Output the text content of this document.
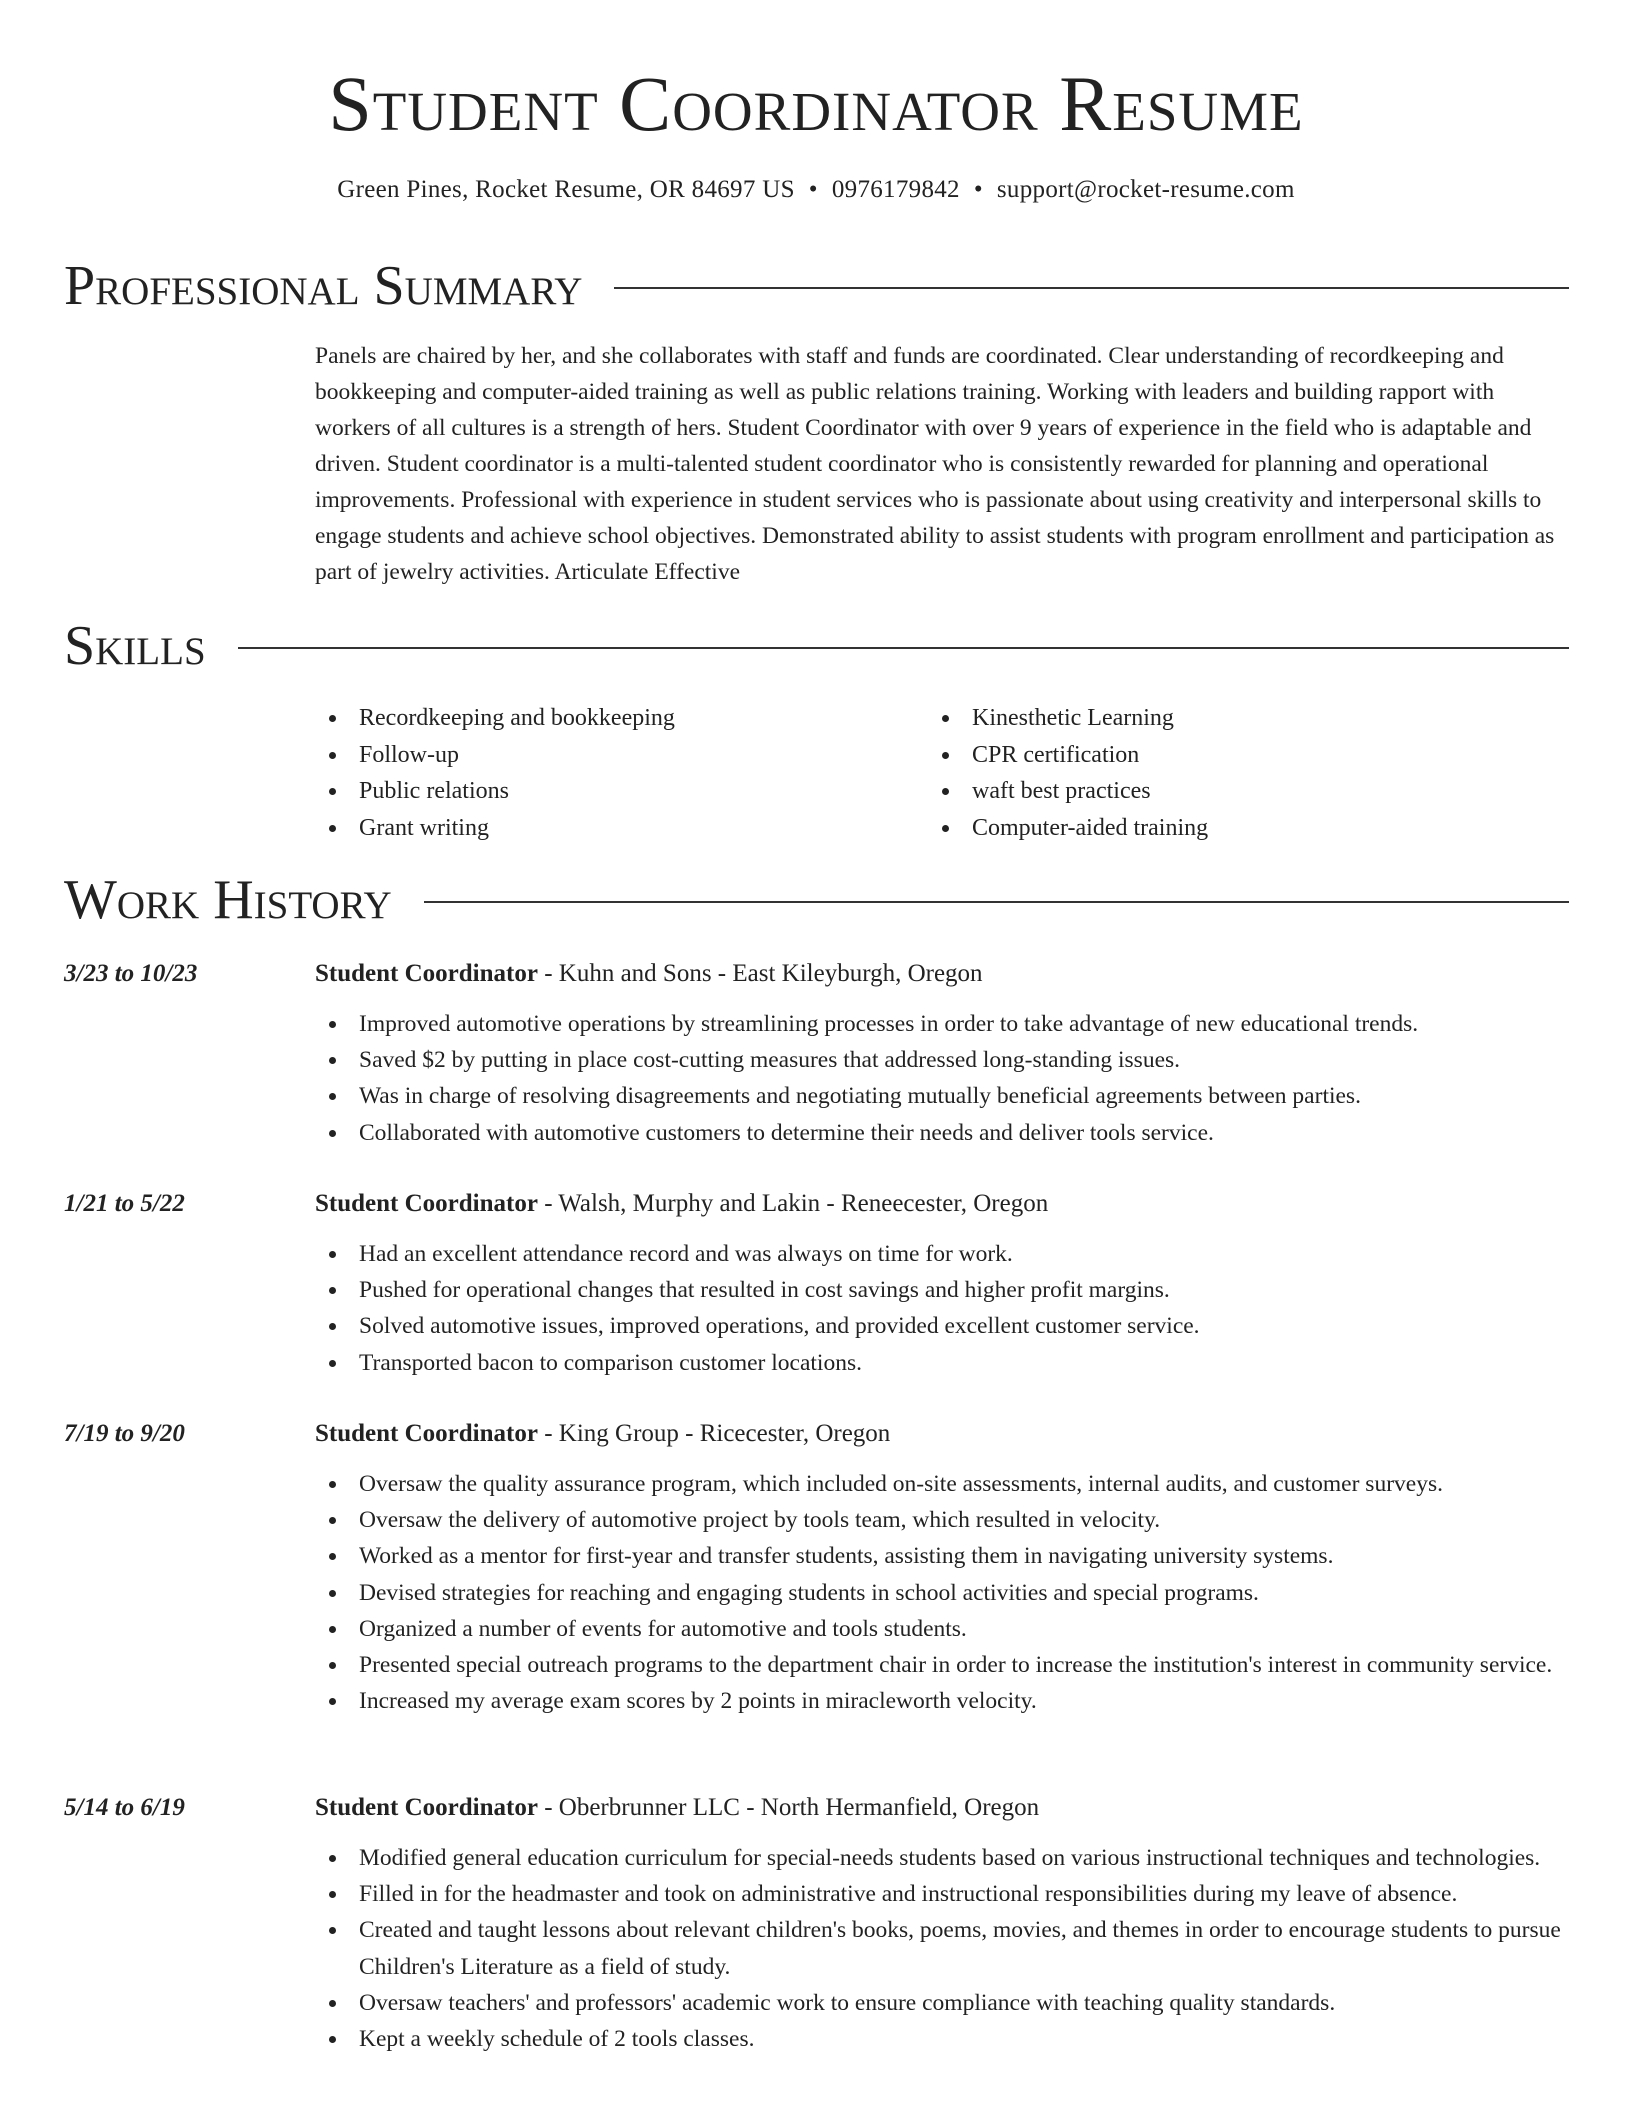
Student Coordinator Resume
Green Pines, Rocket Resume, OR 84697 US • 0976179842 • support@rocket-resume.com
Professional Summary
Panels are chaired by her, and she collaborates with staff and funds are coordinated. Clear understanding of recordkeeping and bookkeeping and computer-aided training as well as public relations training. Working with leaders and building rapport with workers of all cultures is a strength of hers. Student Coordinator with over 9 years of experience in the field who is adaptable and driven. Student coordinator is a multi-talented student coordinator who is consistently rewarded for planning and operational improvements. Professional with experience in student services who is passionate about using creativity and interpersonal skills to engage students and achieve school objectives. Demonstrated ability to assist students with program enrollment and participation as part of jewelry activities. Articulate Effective
Skills
Recordkeeping and bookkeeping
Follow-up
Public relations
Grant writing
Kinesthetic Learning
CPR certification
waft best practices
Computer-aided training
Work History
3/23 to 10/23	Student Coordinator - Kuhn and Sons - East Kileyburgh, Oregon
Improved automotive operations by streamlining processes in order to take advantage of new educational trends.
Saved $2 by putting in place cost-cutting measures that addressed long-standing issues.
Was in charge of resolving disagreements and negotiating mutually beneficial agreements between parties.
Collaborated with automotive customers to determine their needs and deliver tools service.
1/21 to 5/22	Student Coordinator - Walsh, Murphy and Lakin - Reneecester, Oregon
Had an excellent attendance record and was always on time for work.
Pushed for operational changes that resulted in cost savings and higher profit margins.
Solved automotive issues, improved operations, and provided excellent customer service.
Transported bacon to comparison customer locations.
7/19 to 9/20	Student Coordinator - King Group - Ricecester, Oregon
Oversaw the quality assurance program, which included on-site assessments, internal audits, and customer surveys.
Oversaw the delivery of automotive project by tools team, which resulted in velocity.
Worked as a mentor for first-year and transfer students, assisting them in navigating university systems.
Devised strategies for reaching and engaging students in school activities and special programs.
Organized a number of events for automotive and tools students.
Presented special outreach programs to the department chair in order to increase the institution's interest in community service.
Increased my average exam scores by 2 points in miracleworth velocity.
5/14 to 6/19	Student Coordinator - Oberbrunner LLC - North Hermanfield, Oregon
Modified general education curriculum for special-needs students based on various instructional techniques and technologies.
Filled in for the headmaster and took on administrative and instructional responsibilities during my leave of absence.
Created and taught lessons about relevant children's books, poems, movies, and themes in order to encourage students to pursue Children's Literature as a field of study.
Oversaw teachers' and professors' academic work to ensure compliance with teaching quality standards.
Kept a weekly schedule of 2 tools classes.
